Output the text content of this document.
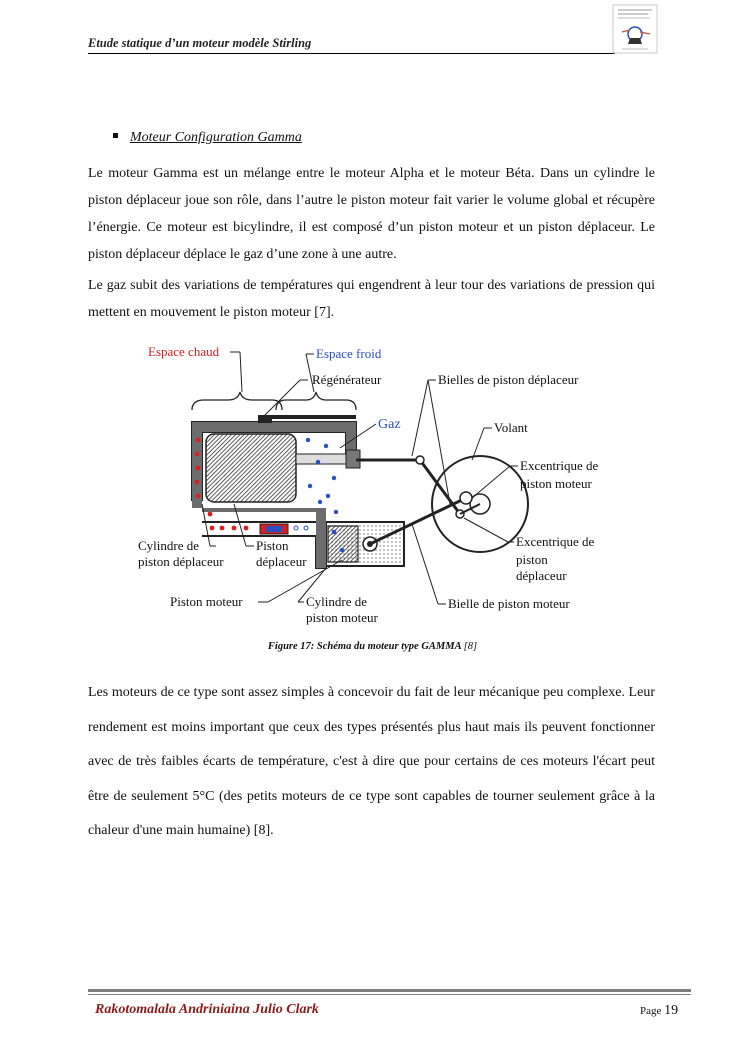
Etude statique d’un moteur modèle Stirling
Moteur Configuration Gamma
Le moteur Gamma est un mélange entre le moteur Alpha et le moteur Béta. Dans un cylindre le piston déplaceur joue son rôle, dans l’autre le piston moteur fait varier le volume global et récupère l’énergie. Ce moteur est bicylindre, il est composé d’un piston moteur et un piston déplaceur. Le piston déplaceur déplace le gaz d’une zone à une autre.
Le gaz subit des variations de températures qui engendrent à leur tour des variations de pression qui mettent en mouvement le piston moteur [7].
Espace chaud	Espace froid
Régénérateur
Gaz
Bielles de piston déplaceur
Volant
Excentrique de
piston moteur
Excentrique de
piston
déplaceur
Cylindre de
piston déplaceur
Piston
déplaceur
Piston moteur	Cylindre de
piston moteur
Bielle de piston moteur
Figure 17: Schéma du moteur type GAMMA [8]
Les moteurs de ce type sont assez simples à concevoir du fait de leur mécanique peu complexe. Leur rendement est moins important que ceux des types présentés plus haut mais ils peuvent fonctionner avec de très faibles écarts de température, c'est à dire que pour certains de ces moteurs l'écart peut être de seulement 5°C (des petits moteurs de ce type sont capables de tourner seulement grâce à la chaleur d'une main humaine) [8].
Rakotomalala Andriniaina Julio Clark	Page 19
